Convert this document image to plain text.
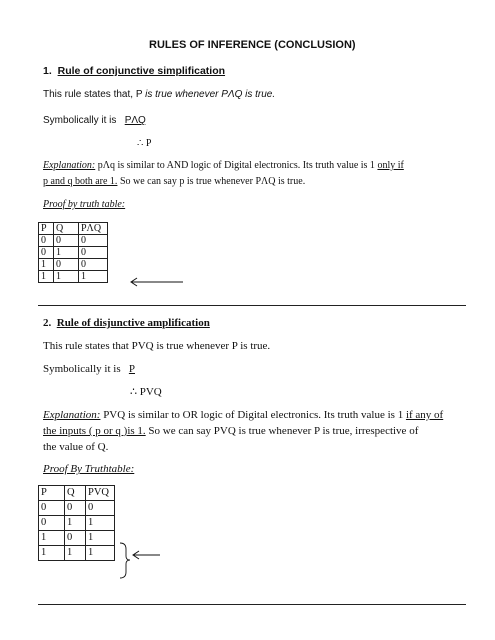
RULES OF INFERENCE (CONCLUSION)
1. Rule of conjunctive simplification
This rule states that, P is true whenever PΛQ is true.
Symbolically it is PΛQ
∴ P
Explanation: pΛq is similar to AND logic of Digital electronics. Its truth value is 1 only if
p and q both are 1. So we can say p is true whenever PΛQ is true.
Proof by truth table:
P	Q	PΛQ
0	0	0
0	1	0
1	0	0
1	1	1
2. Rule of disjunctive amplification
This rule states that PVQ is true whenever P is true.
Symbolically it is P
∴ PVQ
Explanation: PVQ is similar to OR logic of Digital electronics. Its truth value is 1 if any of
the inputs ( p or q )is 1. So we can say PVQ is true whenever P is true, irrespective of
the value of Q.
Proof By Truthtable:
P	Q	PVQ
0	0	0
0	1	1
1	0	1
1	1	1
